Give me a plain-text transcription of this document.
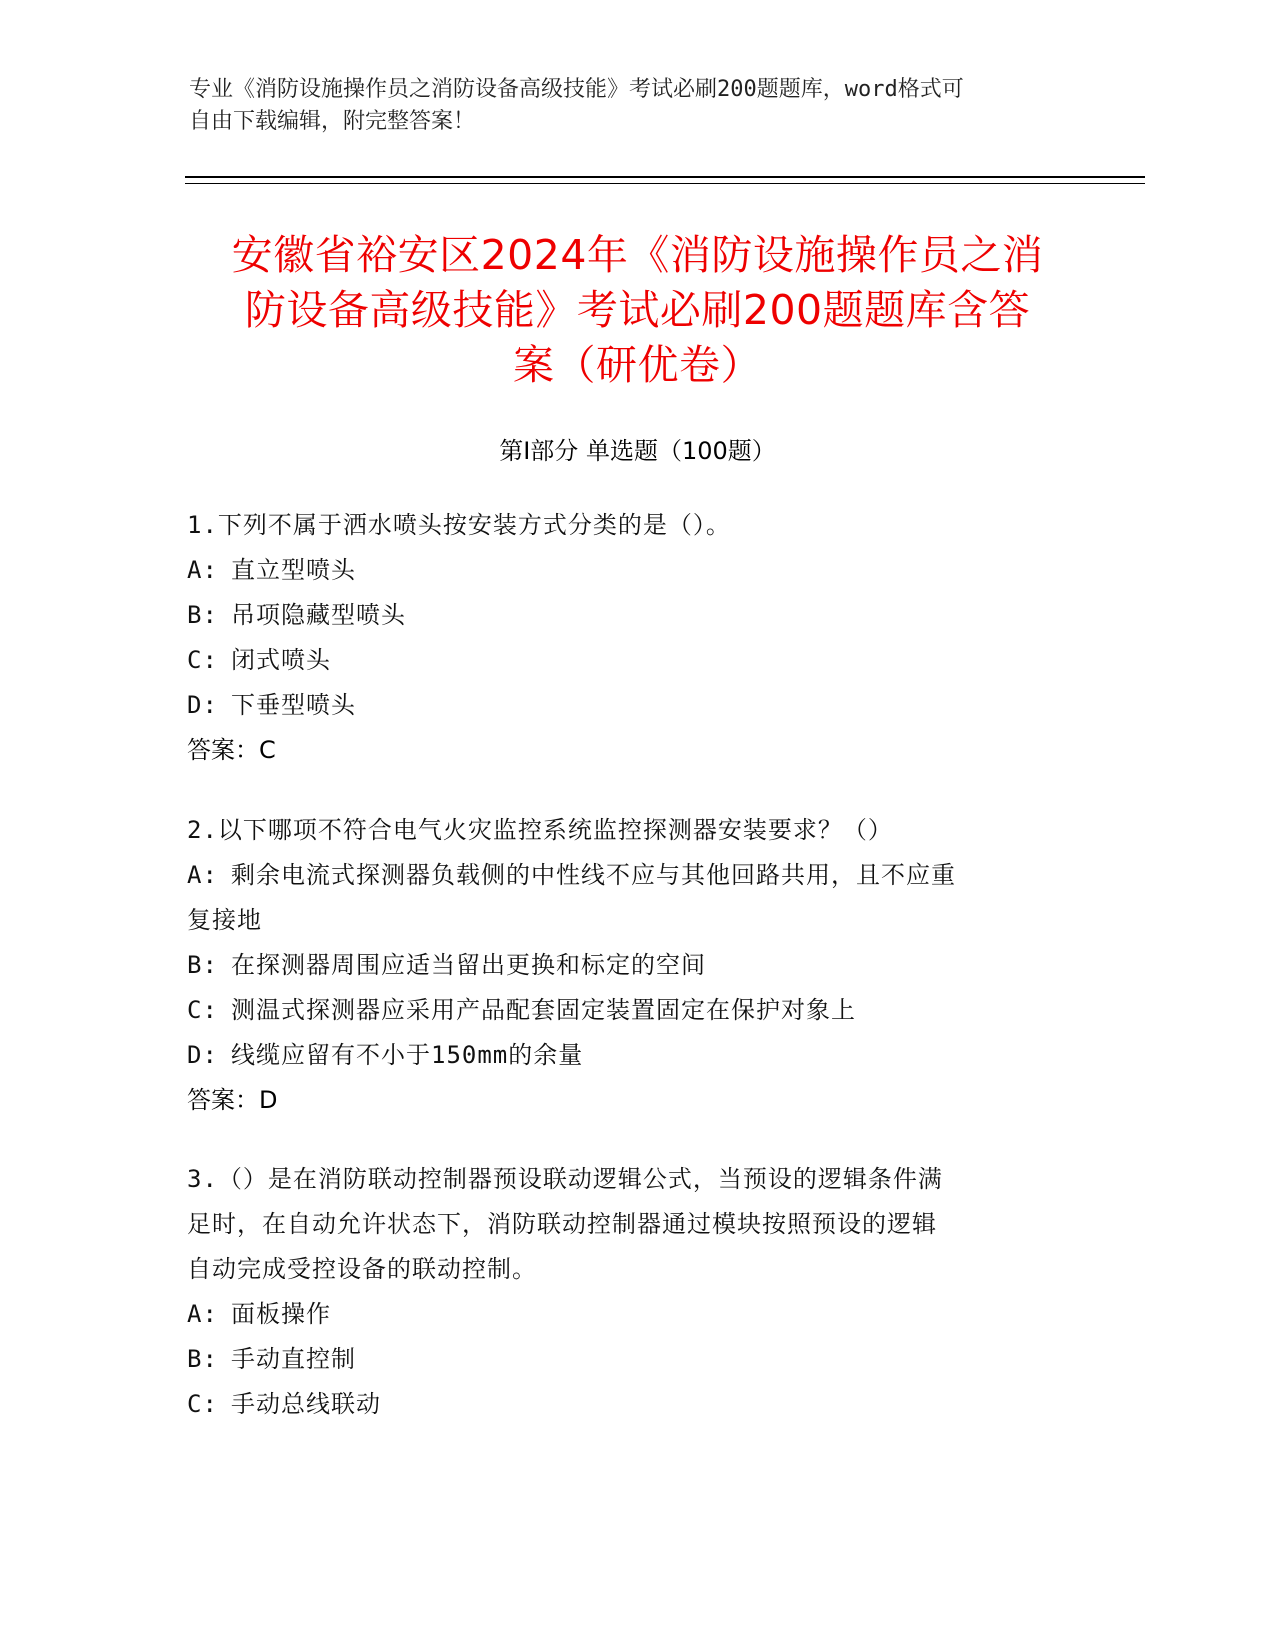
专业《消防设施操作员之消防设备高级技能》考试必刷200题题库，word格式可
自由下载编辑，附完整答案！
安徽省裕安区2024年《消防设施操作员之消
防设备高级技能》考试必刷200题题库含答
案（研优卷）
第Ⅰ部分 单选题（100题）
1.下列不属于洒水喷头按安装方式分类的是（）。
A: 直立型喷头
B: 吊项隐藏型喷头
C: 闭式喷头
D: 下垂型喷头
答案：C
2.以下哪项不符合电气火灾监控系统监控探测器安装要求？（）
A: 剩余电流式探测器负载侧的中性线不应与其他回路共用，且不应重
复接地
B: 在探测器周围应适当留出更换和标定的空间
C: 测温式探测器应采用产品配套固定装置固定在保护对象上
D: 线缆应留有不小于150mm的余量
答案：D
3.（）是在消防联动控制器预设联动逻辑公式，当预设的逻辑条件满
足时，在自动允许状态下，消防联动控制器通过模块按照预设的逻辑
自动完成受控设备的联动控制。
A: 面板操作
B: 手动直控制
C: 手动总线联动
